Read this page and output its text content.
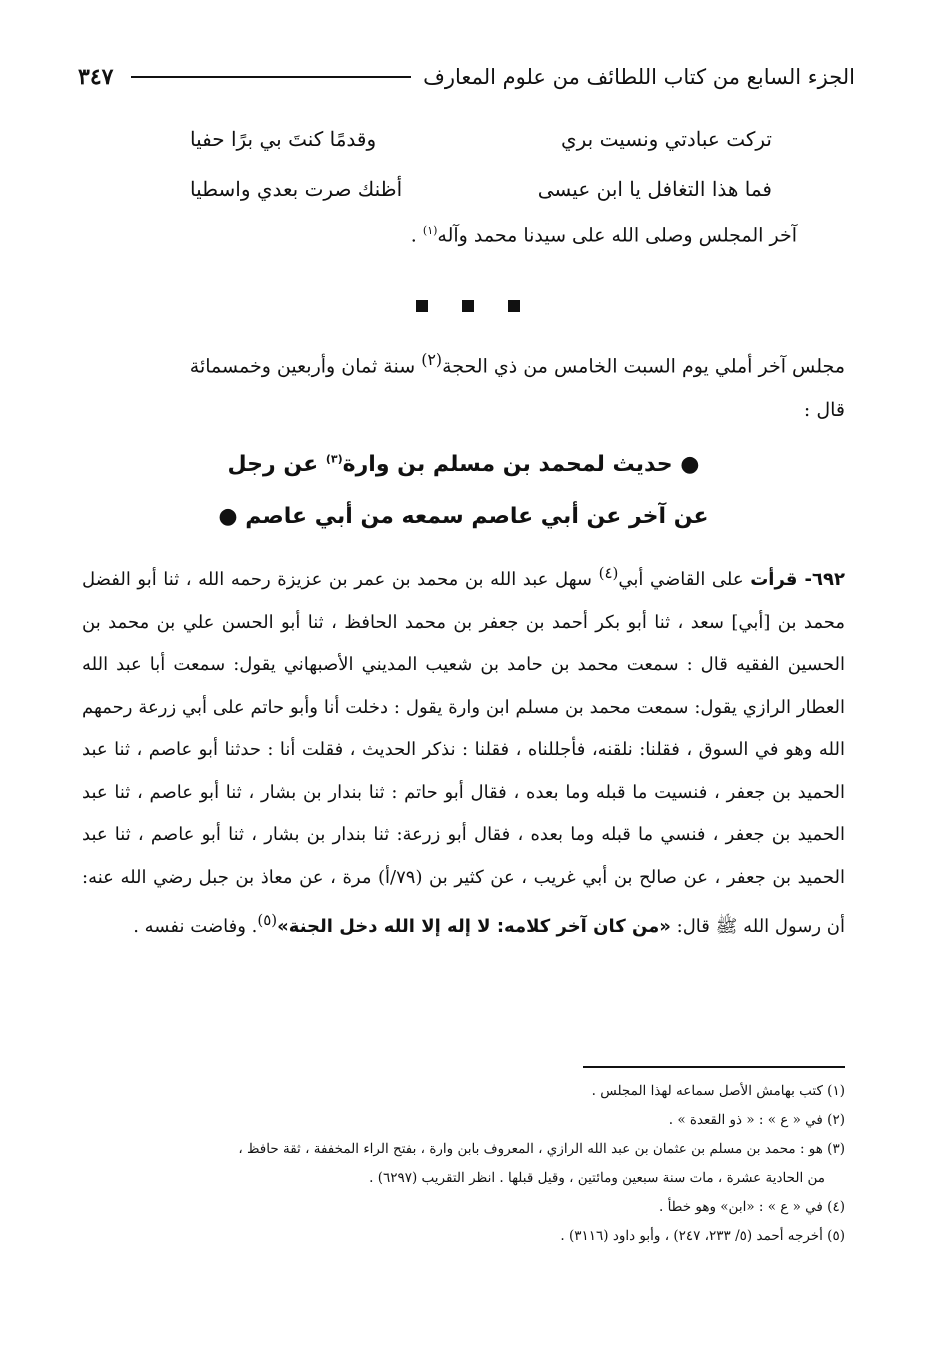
الجزء السابع من كتاب اللطائف من علوم المعارف
٣٤٧
تركت عبادتي ونسيت بري
وقدمًا كنتَ بي برًا حفيا
فما هذا التغافل يا ابن عيسى
أظنك صرت بعدي واسطيا
آخر المجلس وصلى الله على سيدنا محمد وآله$^{(١)}$ .
مجلس آخر أملي يوم السبت الخامس من ذي الحجة$^{(٢)}$ سنة ثمان وأربعين وخمسمائة
قال :
● حديث لمحمد بن مسلم بن وارة$^{(٣)}$ عن رجل
عن آخر عن أبي عاصم سمعه من أبي عاصم ●
٦٩٢- قرأت على القاضي أبي$^{(٤)}$ سهل عبد الله بن محمد بن عمر بن عزيزة رحمه الله ، ثنا أبو الفضل محمد بن [أبي] سعد ، ثنا أبو بكر أحمد بن جعفر بن محمد الحافظ ، ثنا أبو الحسن علي بن محمد بن الحسين الفقيه قال : سمعت محمد بن حامد بن شعيب المديني الأصبهاني يقول: سمعت أبا عبد الله العطار الرازي يقول: سمعت محمد بن مسلم ابن وارة يقول : دخلت أنا وأبو حاتم على أبي زرعة رحمهم الله وهو في السوق ، فقلنا: نلقنه، فأجللناه ، فقلنا : نذكر الحديث ، فقلت أنا : حدثنا أبو عاصم ، ثنا عبد الحميد بن جعفر ، فنسيت ما قبله وما بعده ، فقال أبو حاتم : ثنا بندار بن بشار ، ثنا أبو عاصم ، ثنا عبد الحميد بن جعفر ، فنسي ما قبله وما بعده ، فقال أبو زرعة: ثنا بندار بن بشار ، ثنا أبو عاصم ، ثنا عبد الحميد بن جعفر ، عن صالح بن أبي غريب ، عن كثير بن (٧٩/أ) مرة ، عن معاذ بن جبل رضي الله عنه: أن رسول الله ﷺ قال: «من كان آخر كلامه: لا إله إلا الله دخل الجنة»$^{(٥)}$. وفاضت نفسه .

(١) كتب بهامش الأصل سماعه لهذا المجلس .

(٢) في « ع » : « ذو القعدة » .

(٣) هو : محمد بن مسلم بن عثمان بن عبد الله الرازي ، المعروف بابن وارة ، بفتح الراء المخففة ، ثقة حافظ ،
من الحادية عشرة ، مات سنة سبعين ومائتين ، وقيل قبلها . انظر التقريب (٦٢٩٧) .

(٤) في « ع » : «ابن» وهو خطأ .

(٥) أخرجه أحمد (٥/ ٢٣٣، ٢٤٧) ، وأبو داود (٣١١٦) .
